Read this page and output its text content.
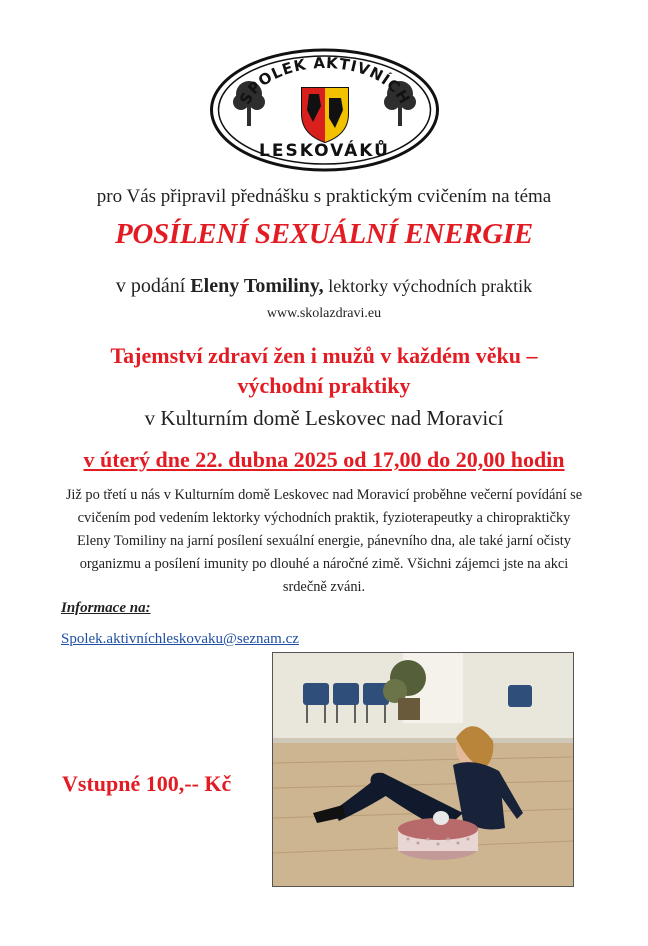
SPOLEK AKTIVNÍCH
LESKOVÁKŮ
pro Vás připravil přednášku s praktickým cvičením na téma
POSÍLENÍ SEXUÁLNÍ ENERGIE
v podání Eleny Tomiliny, lektorky východních praktik
www.skolazdravi.eu
Tajemství zdraví žen i mužů v každém věku –
východní praktiky
v Kulturním domě Leskovec nad Moravicí
v úterý dne 22. dubna 2025 od 17,00 do 20,00 hodin
Již po třetí u nás v Kulturním domě Leskovec nad Moravicí proběhne večerní povídání se cvičením pod vedením lektorky východních praktik, fyzioterapeutky a chiropraktičky Eleny Tomiliny na jarní posílení sexuální energie, pánevního dna, ale také jarní očisty organizmu a posílení imunity po dlouhé a náročné zimě. Všichni zájemci jste na akci srdečně zváni.
Informace na:
Spolek.aktivníchleskovaku@seznam.cz
Vstupné 100,-- Kč
